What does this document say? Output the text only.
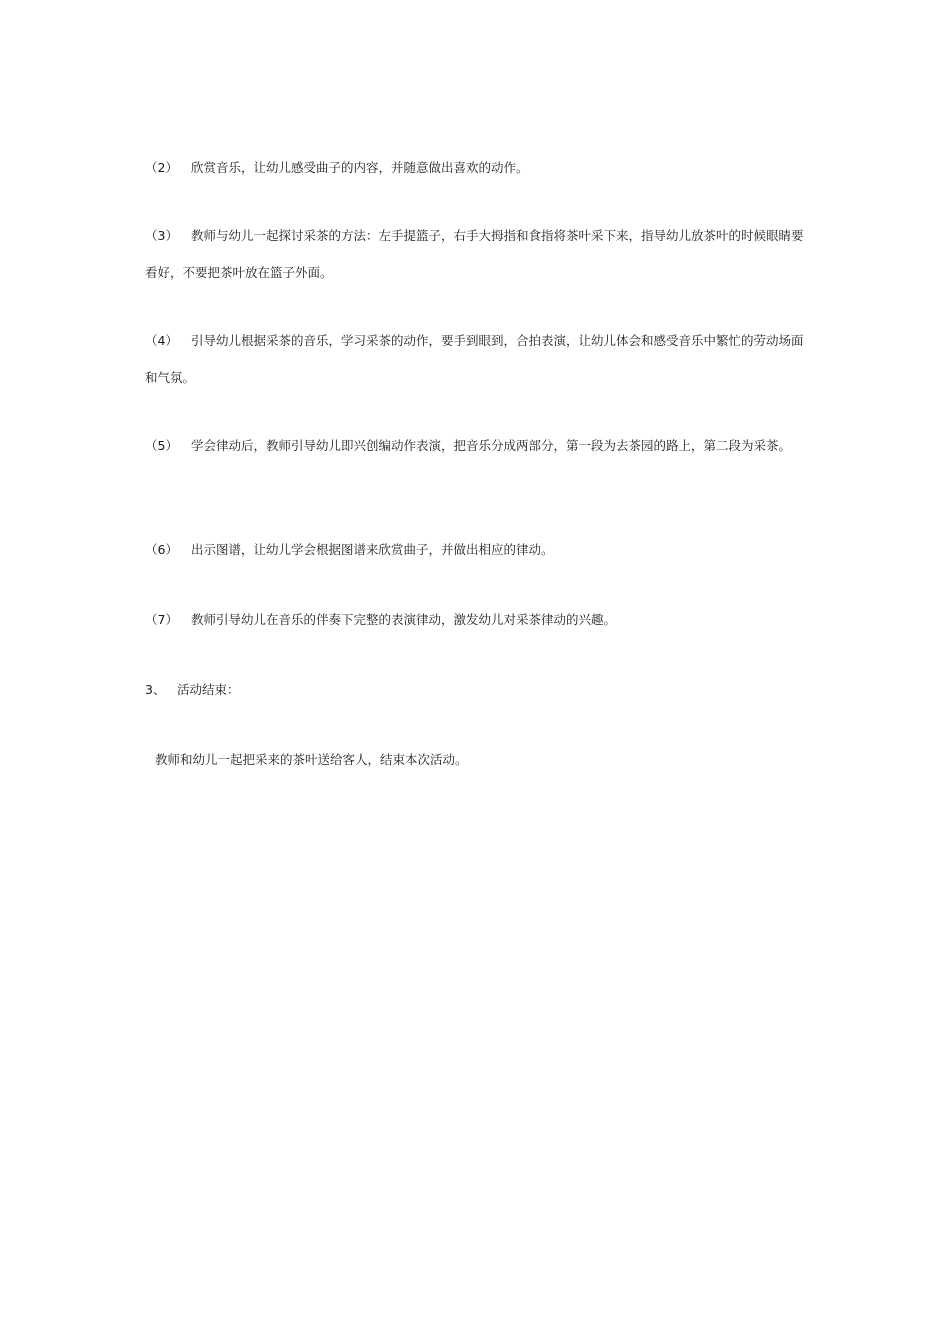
（2） 欣赏音乐，让幼儿感受曲子的内容，并随意做出喜欢的动作。

（3） 教师与幼儿一起探讨采茶的方法：左手提篮子，右手大拇指和食指将茶叶采下来，指导幼儿放茶叶的时候眼睛要看好，不要把茶叶放在篮子外面。

（4） 引导幼儿根据采茶的音乐，学习采茶的动作，要手到眼到，合拍表演，让幼儿体会和感受音乐中繁忙的劳动场面和气氛。

（5） 学会律动后，教师引导幼儿即兴创编动作表演，把音乐分成两部分，第一段为去茶园的路上，第二段为采茶。

（6） 出示图谱，让幼儿学会根据图谱来欣赏曲子，并做出相应的律动。

（7） 教师引导幼儿在音乐的伴奏下完整的表演律动，激发幼儿对采茶律动的兴趣。

3、 活动结束：

教师和幼儿一起把采来的茶叶送给客人，结束本次活动。
